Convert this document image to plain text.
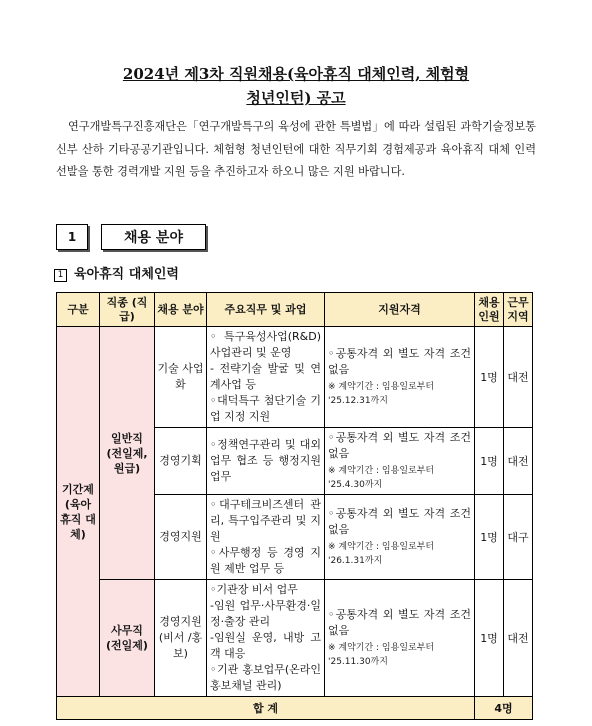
2024년 제3차 직원채용(육아휴직 대체인력, 체험형
청년인턴) 공고
연구개발특구진흥재단은「연구개발특구의 육성에 관한 특별법」에 따라 설립된 과학기술정보통신부 산하 기타공공기관입니다. 체험형 청년인턴에 대한 직무기회 경험제공과 육아휴직 대체 인력 선발을 통한 경력개발 지원 등을 추진하고자 하오니 많은 지원 바랍니다.
1	채용 분야
1 육아휴직 대체인력
구분	직종 (직급)	채용 분야	주요직무 및 과업	지원자격	채용 인원	근무 지역
기간제 (육아 휴직 대체)	일반직 (전일제, 원급)	기술 사업화	◦특구육성사업(R&D) 사업관리 및 운영
- 전략기술 발굴 및 연계사업 등
◦대덕특구 첨단기술 기업 지정 지원	◦공통자격 외 별도 자격 조건 없음
※ 계약기간 : 임용일로부터 '25.12.31까지	1명	대전
		경영기획	◦정책연구관리 및 대외업무 협조 등 행정지원 업무	◦공통자격 외 별도 자격 조건 없음
※ 계약기간 : 임용일로부터 '25.4.30까지	1명	대전
		경영지원	◦대구테크비즈센터 관리, 특구입주관리 및 지원
◦사무행정 등 경영 지원 제반 업무 등	◦공통자격 외 별도 자격 조건 없음
※ 계약기간 : 임용일로부터 '26.1.31까지	1명	대구
	사무직 (전일제)	경영지원 (비서 /홍보)	◦기관장 비서 업무
-임원 업무·사무환경·일정·출장 관리
-임원실 운영, 내방 고객 대응
◦기관 홍보업무(온라인 홍보채널 관리)	◦공통자격 외 별도 자격 조건 없음
※ 계약기간 : 임용일로부터 '25.11.30까지	1명	대전
합 계					4명	
